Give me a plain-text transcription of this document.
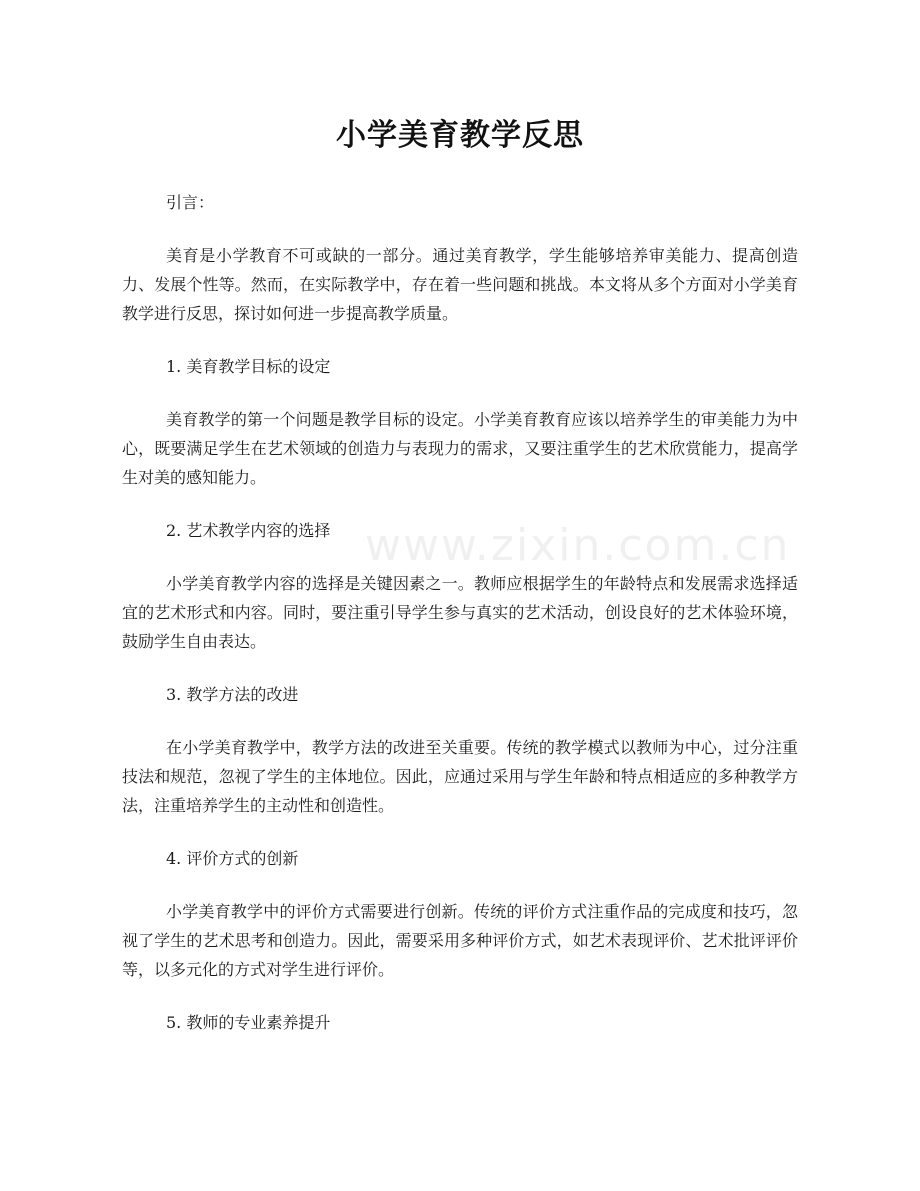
小学美育教学反思
www.zixin.com.cn

引言：

美育是小学教育不可或缺的一部分。通过美育教学，学生能够培养审美能力、提高创造力、发展个性等。然而，在实际教学中，存在着一些问题和挑战。本文将从多个方面对小学美育教学进行反思，探讨如何进一步提高教学质量。

1. 美育教学目标的设定

美育教学的第一个问题是教学目标的设定。小学美育教育应该以培养学生的审美能力为中心，既要满足学生在艺术领域的创造力与表现力的需求，又要注重学生的艺术欣赏能力，提高学生对美的感知能力。

2. 艺术教学内容的选择

小学美育教学内容的选择是关键因素之一。教师应根据学生的年龄特点和发展需求选择适宜的艺术形式和内容。同时，要注重引导学生参与真实的艺术活动，创设良好的艺术体验环境，鼓励学生自由表达。

3. 教学方法的改进

在小学美育教学中，教学方法的改进至关重要。传统的教学模式以教师为中心，过分注重技法和规范，忽视了学生的主体地位。因此，应通过采用与学生年龄和特点相适应的多种教学方法，注重培养学生的主动性和创造性。

4. 评价方式的创新

小学美育教学中的评价方式需要进行创新。传统的评价方式注重作品的完成度和技巧，忽视了学生的艺术思考和创造力。因此，需要采用多种评价方式，如艺术表现评价、艺术批评评价等，以多元化的方式对学生进行评价。

5. 教师的专业素养提升
